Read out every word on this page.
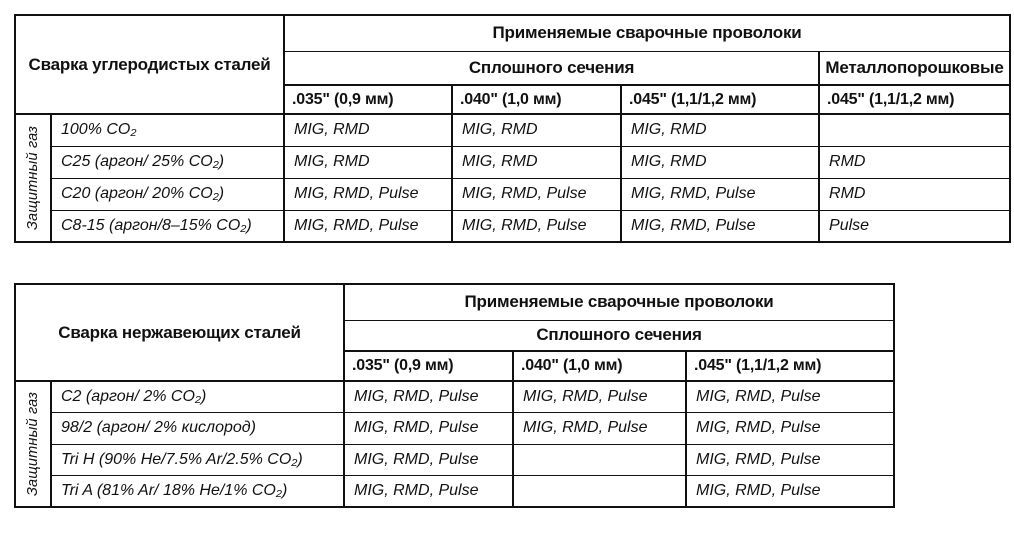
Сварка углеродистых сталей		Применяемые сварочные проволоки			
		Сплошного сечения			Металлопорошковые
		.035" (0,9 мм)	.040" (1,0 мм)	.045" (1,1/1,2 мм)	.045" (1,1/1,2 мм)

Защитный газ	100% CO₂	MIG, RMD	MIG, RMD	MIG, RMD	
	C25 (аргон/ 25% CO₂)	MIG, RMD	MIG, RMD	MIG, RMD	RMD
	C20 (аргон/ 20% CO₂)	MIG, RMD, Pulse	MIG, RMD, Pulse	MIG, RMD, Pulse	RMD
	C8-15 (аргон/8–15% CO₂)	MIG, RMD, Pulse	MIG, RMD, Pulse	MIG, RMD, Pulse	Pulse
Сварка нержавеющих сталей		Применяемые сварочные проволоки		
		Сплошного сечения		
		.035" (0,9 мм)	.040" (1,0 мм)	.045" (1,1/1,2 мм)

Защитный газ	C2 (аргон/ 2% CO₂)	MIG, RMD, Pulse	MIG, RMD, Pulse	MIG, RMD, Pulse
	98/2 (аргон/ 2% кислород)	MIG, RMD, Pulse	MIG, RMD, Pulse	MIG, RMD, Pulse
	Tri H (90% He/7.5% Ar/2.5% CO₂)	MIG, RMD, Pulse		MIG, RMD, Pulse
	Tri A (81% Ar/ 18% He/1% CO₂)	MIG, RMD, Pulse		MIG, RMD, Pulse
